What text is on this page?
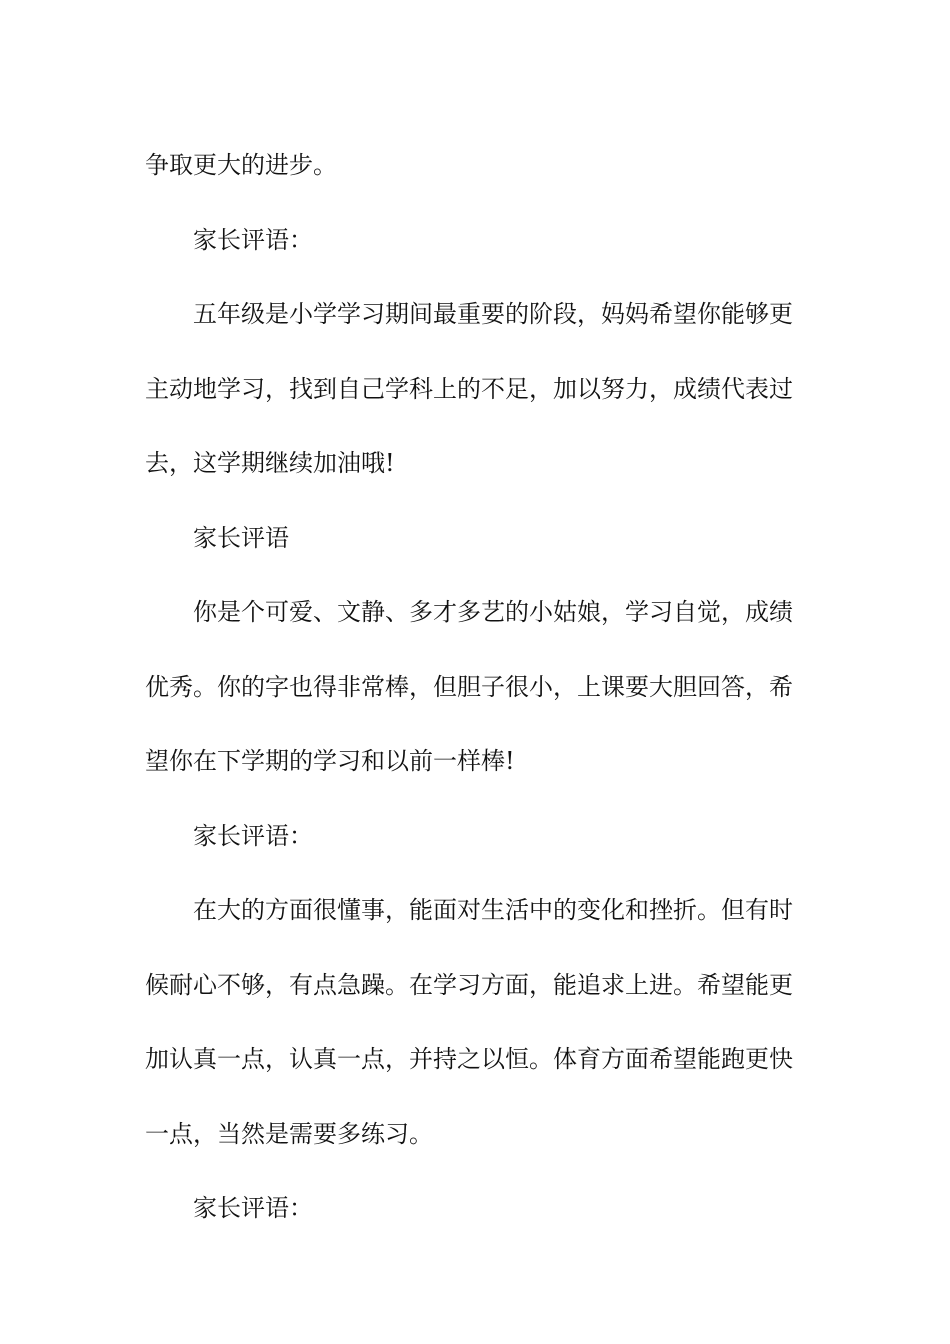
争取更大的进步。

家长评语：

五年级是小学学习期间最重要的阶段，妈妈希望你能够更

主动地学习，找到自己学科上的不足，加以努力，成绩代表过

去，这学期继续加油哦!

家长评语

你是个可爱、文静、多才多艺的小姑娘，学习自觉，成绩

优秀。你的字也得非常棒，但胆子很小，上课要大胆回答，希

望你在下学期的学习和以前一样棒!

家长评语：

在大的方面很懂事，能面对生活中的变化和挫折。但有时

候耐心不够，有点急躁。在学习方面，能追求上进。希望能更

加认真一点，认真一点，并持之以恒。体育方面希望能跑更快

一点，当然是需要多练习。

家长评语：
